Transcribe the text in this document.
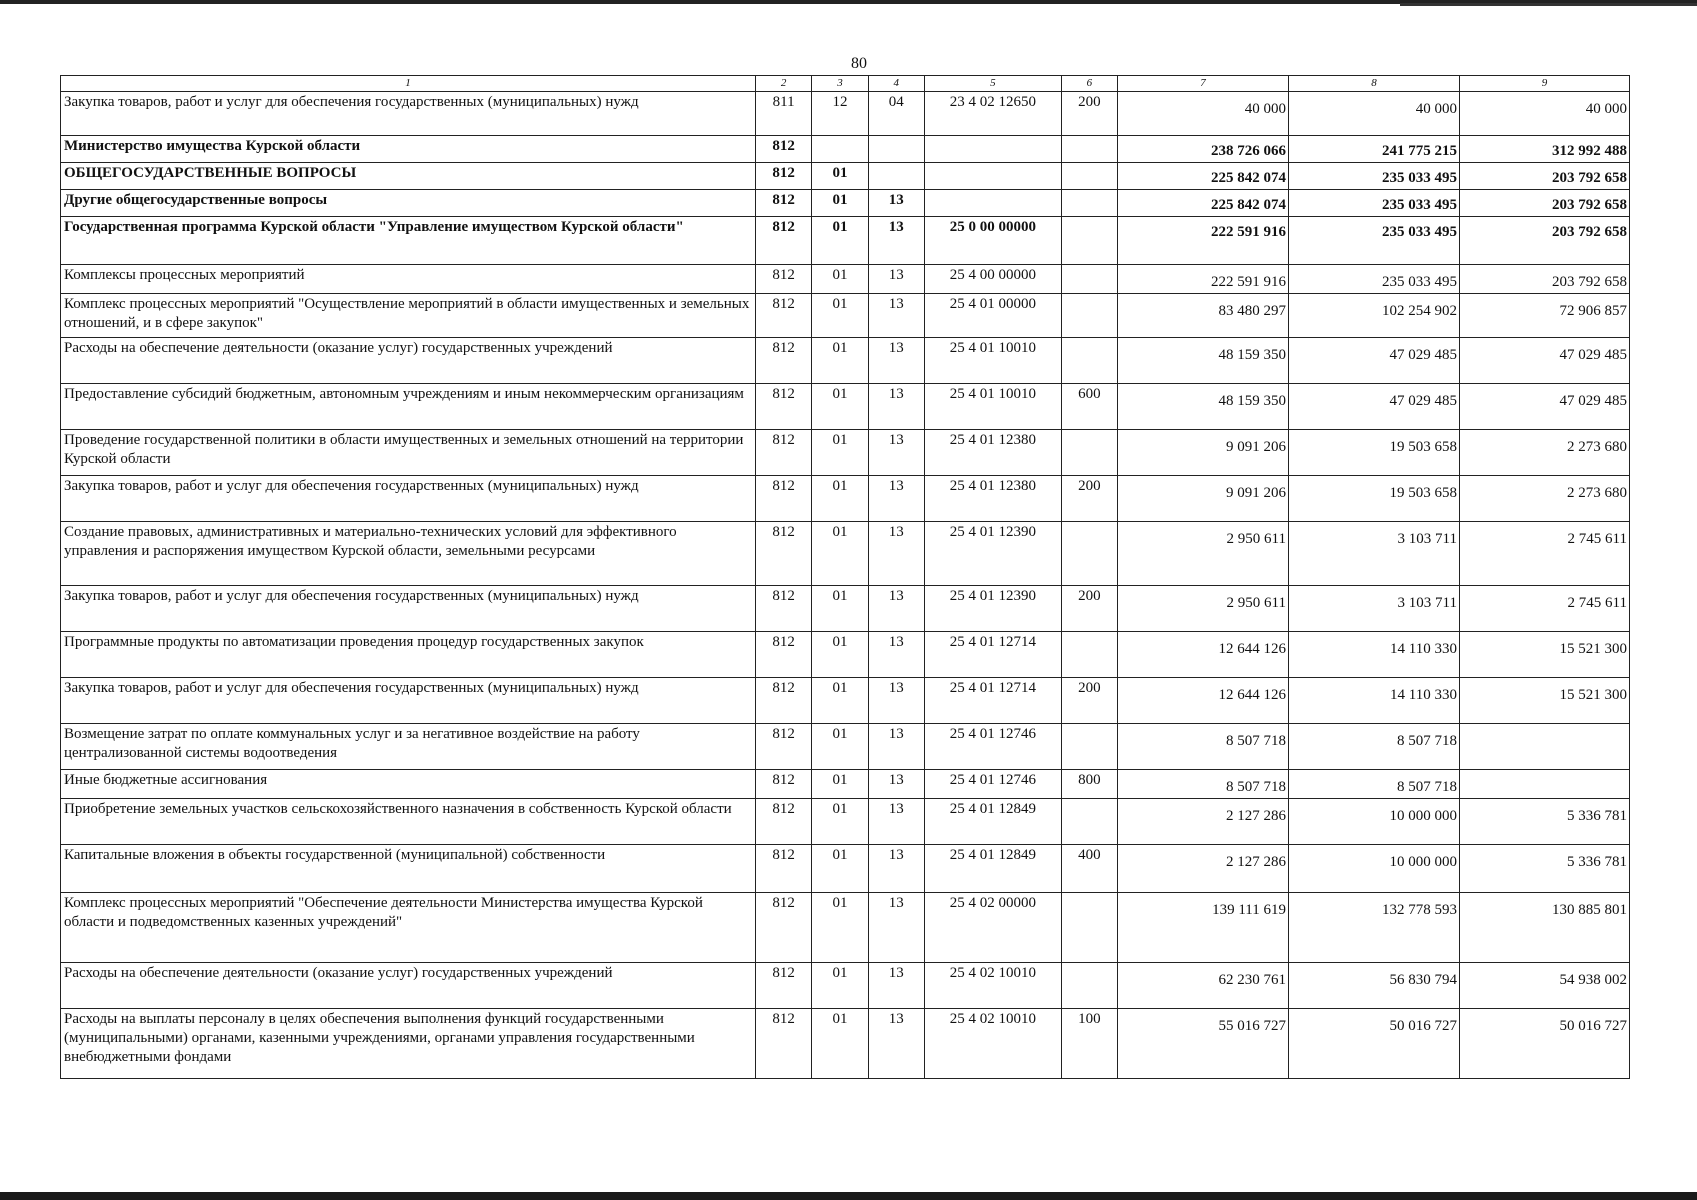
80
1	2	3	4	5	6	7	8	9
Закупка товаров, работ и услуг для обеспечения государственных (муниципальных) нужд	811	12	04	23 4 02 12650	200	40 000	40 000	40 000
Министерство имущества Курской области	812					238 726 066	241 775 215	312 992 488
ОБЩЕГОСУДАРСТВЕННЫЕ ВОПРОСЫ	812	01				225 842 074	235 033 495	203 792 658
Другие общегосударственные вопросы	812	01	13			225 842 074	235 033 495	203 792 658
Государственная программа Курской области "Управление имуществом Курской области"	812	01	13	25 0 00 00000		222 591 916	235 033 495	203 792 658
Комплексы процессных мероприятий	812	01	13	25 4 00 00000		222 591 916	235 033 495	203 792 658
Комплекс процессных мероприятий "Осуществление мероприятий в области имущественных и земельных отношений, и в сфере закупок"	812	01	13	25 4 01 00000		83 480 297	102 254 902	72 906 857
Расходы на обеспечение деятельности (оказание услуг) государственных учреждений	812	01	13	25 4 01 10010		48 159 350	47 029 485	47 029 485
Предоставление субсидий бюджетным, автономным учреждениям и иным некоммерческим организациям	812	01	13	25 4 01 10010	600	48 159 350	47 029 485	47 029 485
Проведение государственной политики в области имущественных и земельных отношений на территории Курской области	812	01	13	25 4 01 12380		9 091 206	19 503 658	2 273 680
Закупка товаров, работ и услуг для обеспечения государственных (муниципальных) нужд	812	01	13	25 4 01 12380	200	9 091 206	19 503 658	2 273 680
Создание правовых, административных и материально-технических условий для эффективного управления и распоряжения имуществом Курской области, земельными ресурсами	812	01	13	25 4 01 12390		2 950 611	3 103 711	2 745 611
Закупка товаров, работ и услуг для обеспечения государственных (муниципальных) нужд	812	01	13	25 4 01 12390	200	2 950 611	3 103 711	2 745 611
Программные продукты по автоматизации проведения процедур государственных закупок	812	01	13	25 4 01 12714		12 644 126	14 110 330	15 521 300
Закупка товаров, работ и услуг для обеспечения государственных (муниципальных) нужд	812	01	13	25 4 01 12714	200	12 644 126	14 110 330	15 521 300
Возмещение затрат по оплате коммунальных услуг и за негативное воздействие на работу централизованной системы водоотведения	812	01	13	25 4 01 12746		8 507 718	8 507 718	
Иные бюджетные ассигнования	812	01	13	25 4 01 12746	800	8 507 718	8 507 718	
Приобретение земельных участков сельскохозяйственного назначения в собственность Курской области	812	01	13	25 4 01 12849		2 127 286	10 000 000	5 336 781
Капитальные вложения в объекты государственной (муниципальной) собственности	812	01	13	25 4 01 12849	400	2 127 286	10 000 000	5 336 781
Комплекс процессных мероприятий "Обеспечение деятельности Министерства имущества Курской области и подведомственных казенных учреждений"	812	01	13	25 4 02 00000		139 111 619	132 778 593	130 885 801
Расходы на обеспечение деятельности (оказание услуг) государственных учреждений	812	01	13	25 4 02 10010		62 230 761	56 830 794	54 938 002
Расходы на выплаты персоналу в целях обеспечения выполнения функций государственными (муниципальными) органами, казенными учреждениями, органами управления государственными внебюджетными фондами	812	01	13	25 4 02 10010	100	55 016 727	50 016 727	50 016 727
